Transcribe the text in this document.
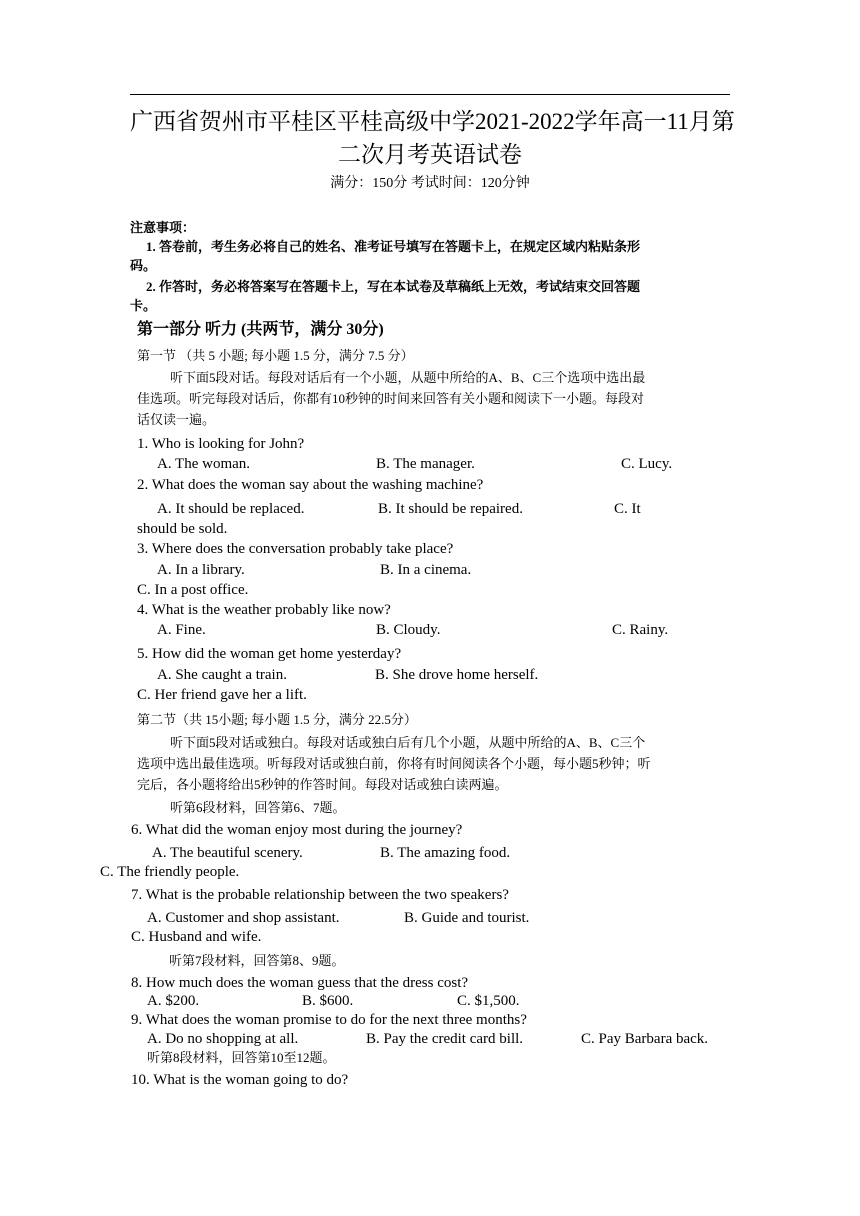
广西省贺州市平桂区平桂高级中学2021-2022学年高一11月第
二次月考英语试卷
满分：150分 考试时间：120分钟
注意事项：
1. 答卷前，考生务必将自己的姓名、准考证号填写在答题卡上，在规定区域内粘贴条形
码。
2. 作答时，务必将答案写在答题卡上，写在本试卷及草稿纸上无效，考试结束交回答题
卡。
第一部分 听力 (共两节，满分 30分)
第一节 （共 5 小题; 每小题 1.5 分，满分 7.5 分）
听下面5段对话。每段对话后有一个小题，从题中所给的A、B、C三个选项中选出最
佳选项。听完每段对话后，你都有10秒钟的时间来回答有关小题和阅读下一小题。每段对
话仅读一遍。
1. Who is looking for John?
A. The woman.	B. The manager.	C. Lucy.
2. What does the woman say about the washing machine?
A. It should be replaced.	B. It should be repaired.	C. It
should be sold.
3. Where does the conversation probably take place?
A. In a library.	B. In a cinema.
C. In a post office.
4. What is the weather probably like now?
A. Fine.	B. Cloudy.	C. Rainy.
5. How did the woman get home yesterday?
A. She caught a train.	B. She drove home herself.
C. Her friend gave her a lift.
第二节（共 15小题; 每小题 1.5 分，满分 22.5分）
听下面5段对话或独白。每段对话或独白后有几个小题，从题中所给的A、B、C三个
选项中选出最佳选项。听每段对话或独白前，你将有时间阅读各个小题，每小题5秒钟；听
完后，各小题将给出5秒钟的作答时间。每段对话或独白读两遍。
听第6段材料，回答第6、7题。
6. What did the woman enjoy most during the journey?
A. The beautiful scenery.	B. The amazing food.
C. The friendly people.
7. What is the probable relationship between the two speakers?
A. Customer and shop assistant.	B. Guide and tourist.
C. Husband and wife.
听第7段材料，回答第8、9题。
8. How much does the woman guess that the dress cost?
A. $200.	B. $600.	C. $1,500.
9. What does the woman promise to do for the next three months?
A. Do no shopping at all.	B. Pay the credit card bill.	C. Pay Barbara back.
听第8段材料，回答第10至12题。
10. What is the woman going to do?
